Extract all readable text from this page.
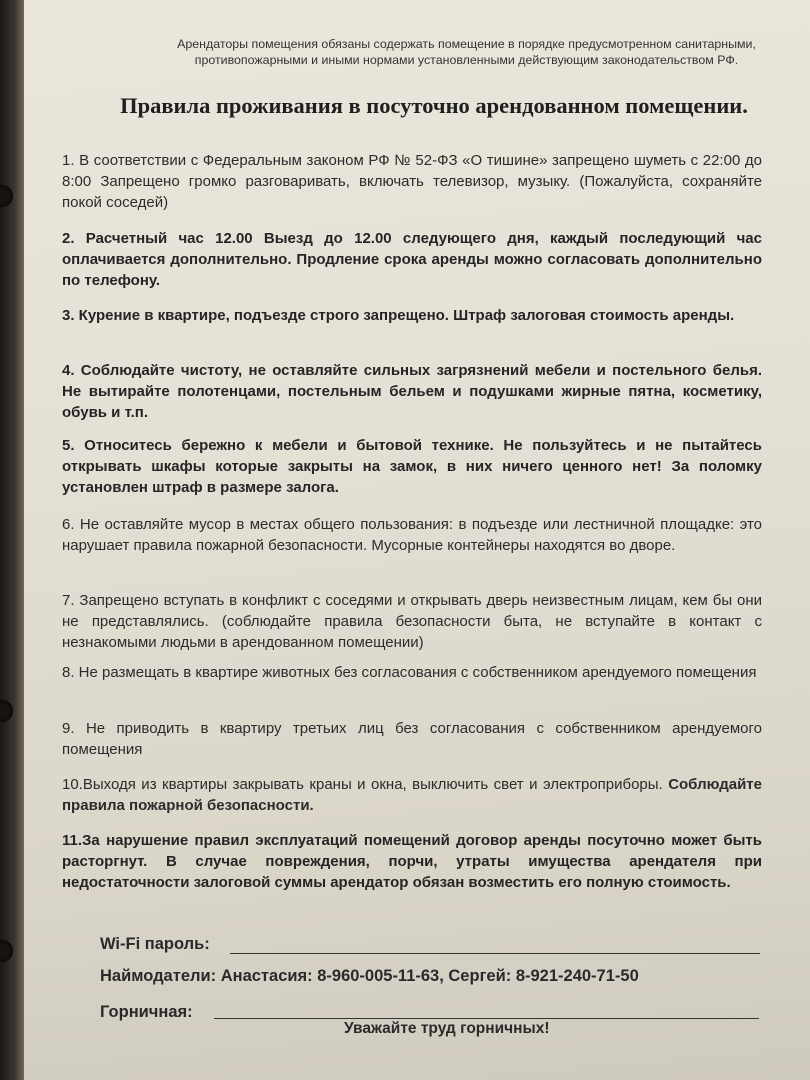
Арендаторы помещения обязаны содержать помещение в порядке предусмотренном санитарными, противопожарными и иными нормами установленными действующим законодательством РФ.
Правила проживания в посуточно арендованном помещении.
1. В соответствии с Федеральным законом РФ № 52-ФЗ «О тишине» запрещено шуметь с 22:00 до 8:00 Запрещено громко разговаривать, включать телевизор, музыку. (Пожалуйста, сохраняйте покой соседей)
2. Расчетный час 12.00 Выезд до 12.00 следующего дня, каждый последующий час оплачивается дополнительно. Продление срока аренды можно согласовать дополнительно по телефону.
3. Курение в квартире, подъезде строго запрещено. Штраф залоговая стоимость аренды.
4. Соблюдайте чистоту, не оставляйте сильных загрязнений мебели и постельного белья. Не вытирайте полотенцами, постельным бельем и подушками жирные пятна, косметику, обувь и т.п.
5. Относитесь бережно к мебели и бытовой технике. Не пользуйтесь и не пытайтесь открывать шкафы которые закрыты на замок, в них ничего ценного нет! За поломку установлен штраф в размере залога.
6. Не оставляйте мусор в местах общего пользования: в подъезде или лестничной площадке: это нарушает правила пожарной безопасности. Мусорные контейнеры находятся во дворе.
7. Запрещено вступать в конфликт с соседями и открывать дверь неизвестным лицам, кем бы они не представлялись. (соблюдайте правила безопасности быта, не вступайте в контакт с незнакомыми людьми в арендованном помещении)
8. Не размещать в квартире животных без согласования с собственником арендуемого помещения
9. Не приводить в квартиру третьих лиц без согласования с собственником арендуемого помещения
10.Выходя из квартиры закрывать краны и окна, выключить свет и электроприборы. Соблюдайте правила пожарной безопасности.
11.За нарушение правил эксплуатаций помещений договор аренды посуточно может быть расторгнут. В случае повреждения, порчи, утраты имущества арендателя при недостаточности залоговой суммы арендатор обязан возместить его полную стоимость.
Wi-Fi пароль:
Наймодатели: Анастасия: 8-960-005-11-63, Сергей: 8-921-240-71-50
Горничная:
Уважайте труд горничных!
